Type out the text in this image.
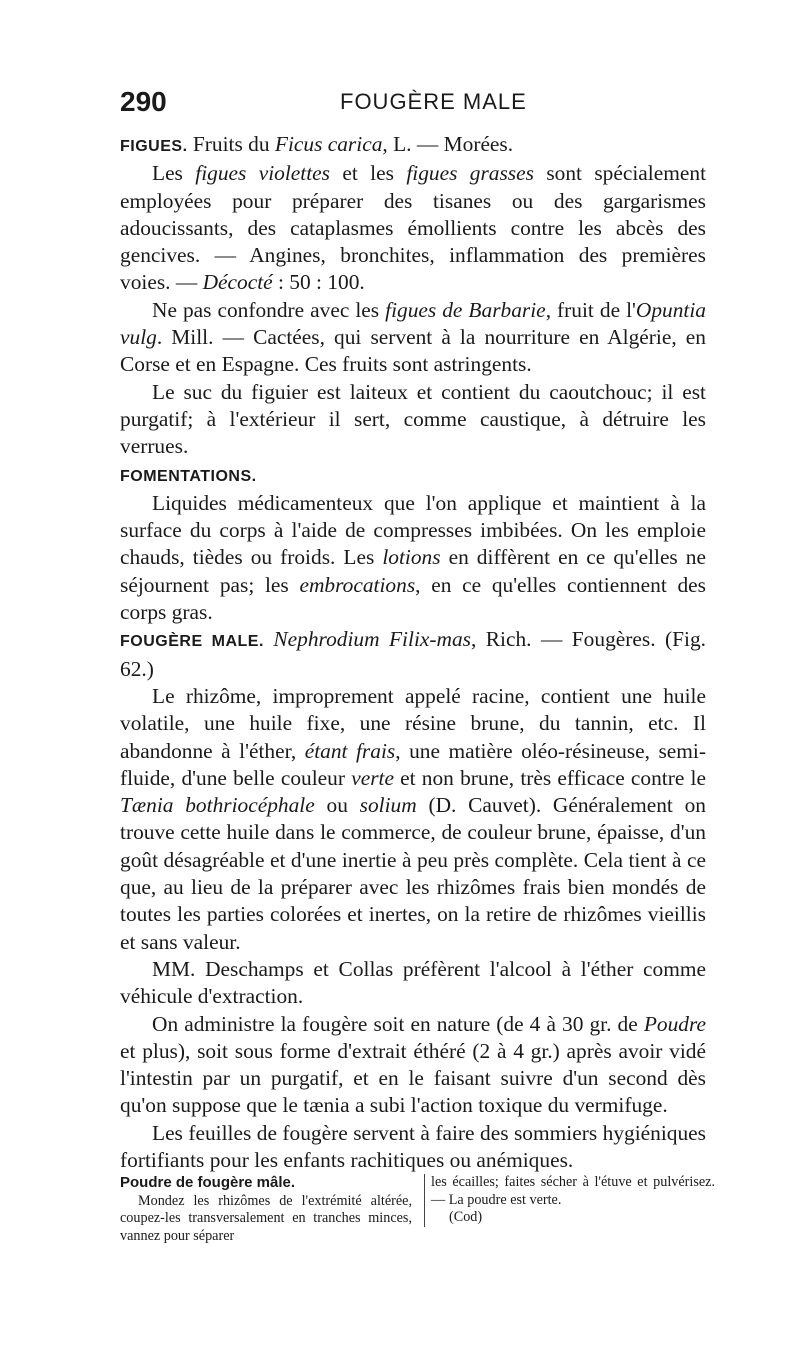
290	FOUGÈRE MALE

FIGUES. Fruits du Ficus carica, L. — Morées.

Les figues violettes et les figues grasses sont spécialement employées pour préparer des tisanes ou des gargarismes adoucissants, des cataplasmes émollients contre les abcès des gencives. — Angines, bronchites, inflammation des premières voies. — Décocté : 50 : 100.

Ne pas confondre avec les figues de Barbarie, fruit de l'Opuntia vulg. Mill. — Cactées, qui servent à la nourriture en Algérie, en Corse et en Espagne. Ces fruits sont astringents.

Le suc du figuier est laiteux et contient du caoutchouc; il est purgatif; à l'extérieur il sert, comme caustique, à détruire les verrues.

FOMENTATIONS.

Liquides médicamenteux que l'on applique et maintient à la surface du corps à l'aide de compresses imbibées. On les emploie chauds, tièdes ou froids. Les lotions en diffèrent en ce qu'elles ne séjournent pas; les embrocations, en ce qu'elles contiennent des corps gras.

FOUGÈRE MALE. Nephrodium Filix-mas, Rich. — Fougères. (Fig. 62.)

Le rhizôme, improprement appelé racine, contient une huile volatile, une huile fixe, une résine brune, du tannin, etc. Il abandonne à l'éther, étant frais, une matière oléo-résineuse, semi-fluide, d'une belle couleur verte et non brune, très efficace contre le Tænia bothriocéphale ou solium (D. Cauvet). Généralement on trouve cette huile dans le commerce, de couleur brune, épaisse, d'un goût désagréable et d'une inertie à peu près complète. Cela tient à ce que, au lieu de la préparer avec les rhizômes frais bien mondés de toutes les parties colorées et inertes, on la retire de rhizômes vieillis et sans valeur.

MM. Deschamps et Collas préfèrent l'alcool à l'éther comme véhicule d'extraction.

On administre la fougère soit en nature (de 4 à 30 gr. de Poudre et plus), soit sous forme d'extrait éthéré (2 à 4 gr.) après avoir vidé l'intestin par un purgatif, et en le faisant suivre d'un second dès qu'on suppose que le tænia a subi l'action toxique du vermifuge.

Les feuilles de fougère servent à faire des sommiers hygiéniques fortifiants pour les enfants rachitiques ou anémiques.

Poudre de fougère mâle.

Mondez les rhizômes de l'extrémité altérée, coupez-les transversalement en tranches minces, vannez pour séparer

les écailles; faites sécher à l'étuve et pulvérisez. — La poudre est verte.

(Cod)
